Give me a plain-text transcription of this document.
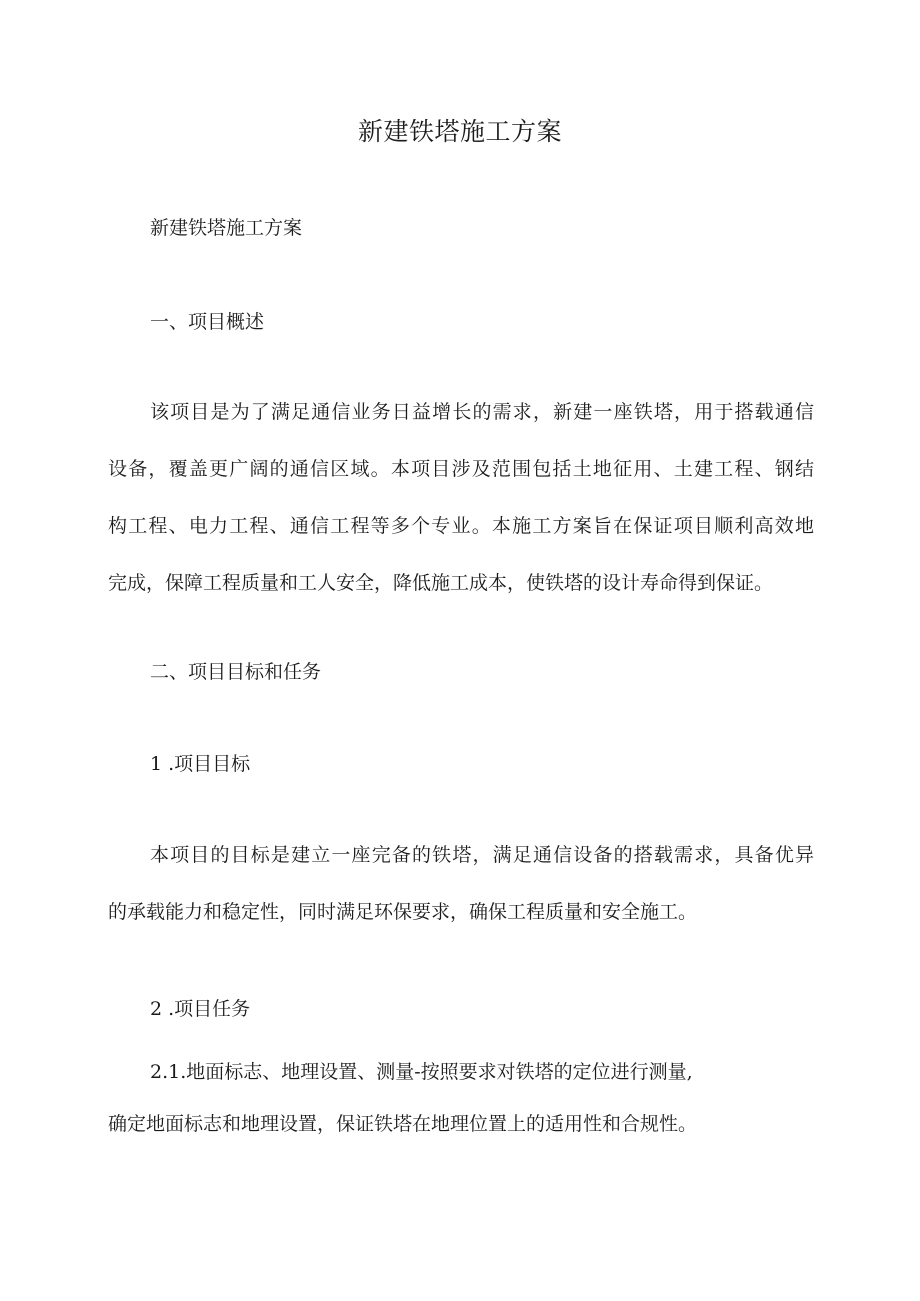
新建铁塔施工方案
新建铁塔施工方案
一、项目概述
该项目是为了满足通信业务日益增长的需求，新建一座铁塔，用于搭载通信
设备，覆盖更广阔的通信区域。本项目涉及范围包括土地征用、土建工程、钢结
构工程、电力工程、通信工程等多个专业。本施工方案旨在保证项目顺利高效地
完成，保障工程质量和工人安全，降低施工成本，使铁塔的设计寿命得到保证。
二、项目目标和任务
1 .项目目标
本项目的目标是建立一座完备的铁塔，满足通信设备的搭载需求，具备优异
的承载能力和稳定性，同时满足环保要求，确保工程质量和安全施工。
2 .项目任务
2.1.地面标志、地理设置、测量-按照要求对铁塔的定位进行测量,
确定地面标志和地理设置，保证铁塔在地理位置上的适用性和合规性。
